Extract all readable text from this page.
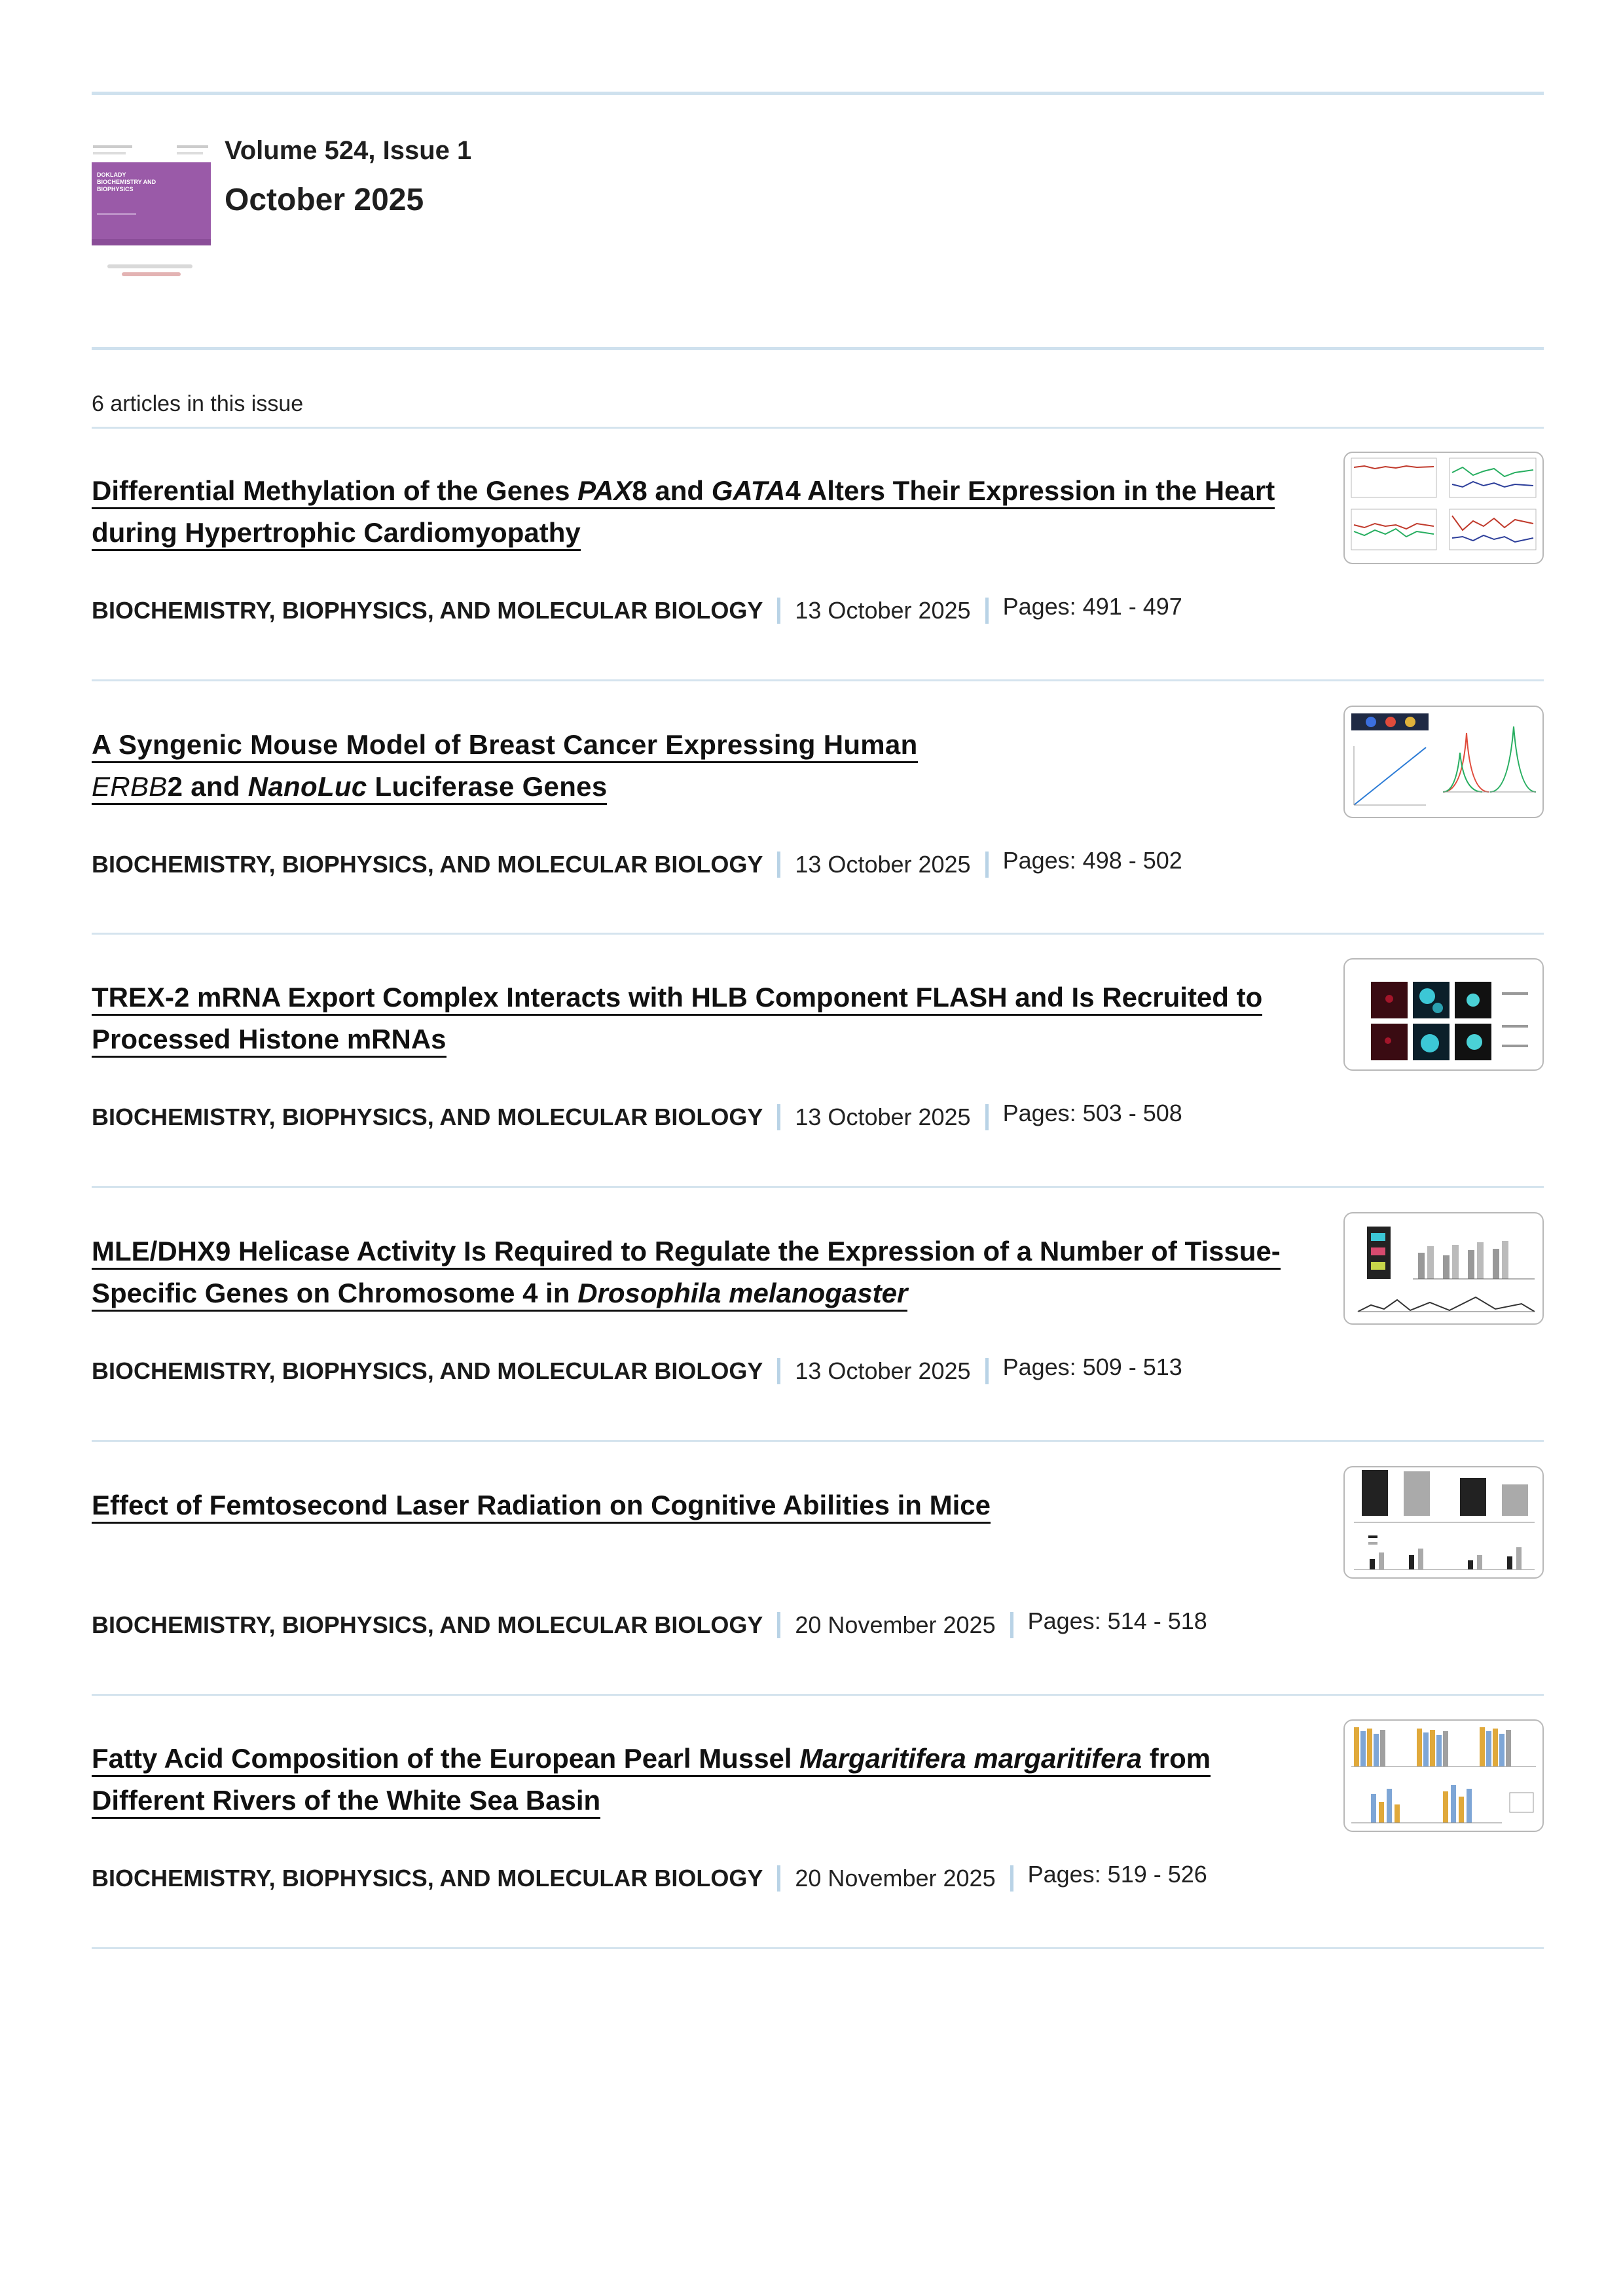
DOKLADY
BIOCHEMISTRY AND
BIOPHYSICS
Volume 524, Issue 1
October 2025
6 articles in this issue
Differential Methylation of the Genes PAX8 and GATA4 Alters Their Expression in the Heart during Hypertrophic Cardiomyopathy
BIOCHEMISTRY, BIOPHYSICS, AND MOLECULAR BIOLOGY 13 October 2025 Pages: 491 - 497
A Syngenic Mouse Model of Breast Cancer Expressing Human ERBB2 and NanoLuc Luciferase Genes
BIOCHEMISTRY, BIOPHYSICS, AND MOLECULAR BIOLOGY 13 October 2025 Pages: 498 - 502
TREX-2 mRNA Export Complex Interacts with HLB Component FLASH and Is Recruited to Processed Histone mRNAs
BIOCHEMISTRY, BIOPHYSICS, AND MOLECULAR BIOLOGY 13 October 2025 Pages: 503 - 508
MLE/DHX9 Helicase Activity Is Required to Regulate the Expression of a Number of Tissue-Specific Genes on Chromosome 4 in Drosophila melanogaster
BIOCHEMISTRY, BIOPHYSICS, AND MOLECULAR BIOLOGY 13 October 2025 Pages: 509 - 513
Effect of Femtosecond Laser Radiation on Cognitive Abilities in Mice
BIOCHEMISTRY, BIOPHYSICS, AND MOLECULAR BIOLOGY 20 November 2025 Pages: 514 - 518
Fatty Acid Composition of the European Pearl Mussel Margaritifera margaritifera from Different Rivers of the White Sea Basin
BIOCHEMISTRY, BIOPHYSICS, AND MOLECULAR BIOLOGY 20 November 2025 Pages: 519 - 526
